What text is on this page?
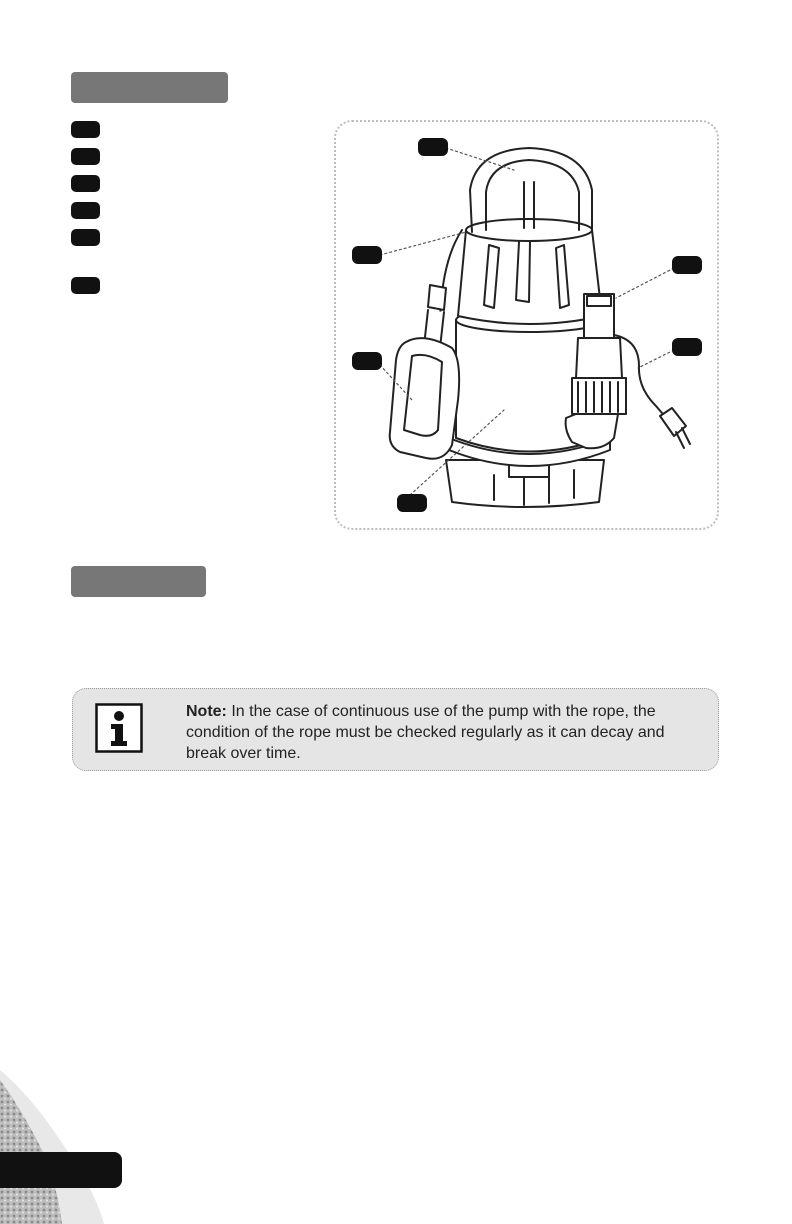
Note: In the case of continuous use of the pump with the rope, the condition of the rope must be checked regularly as it can decay and break over time.
